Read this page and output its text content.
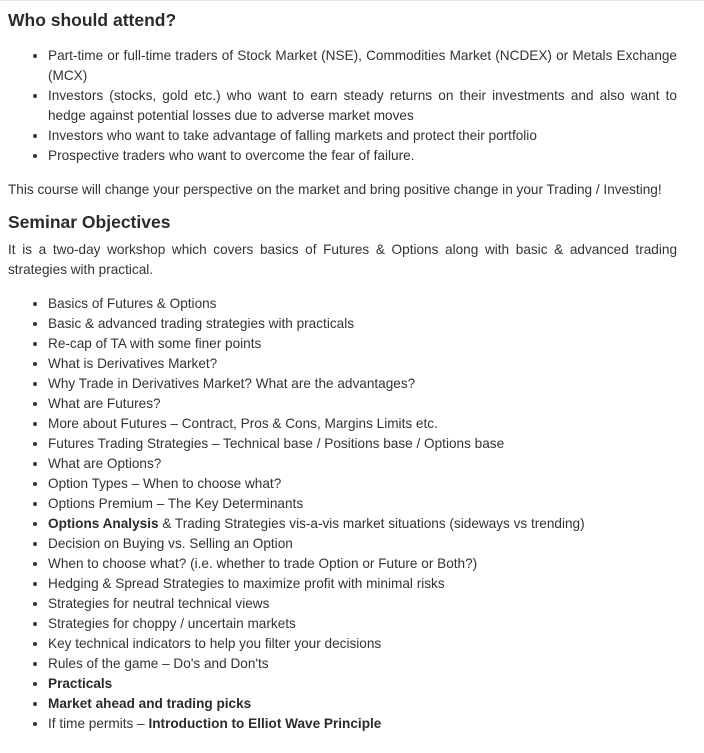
Who should attend?
• Part-time or full-time traders of Stock Market (NSE), Commodities Market (NCDEX) or Metals Exchange (MCX)
• Investors (stocks, gold etc.) who want to earn steady returns on their investments and also want to hedge against potential losses due to adverse market moves
• Investors who want to take advantage of falling markets and protect their portfolio
• Prospective traders who want to overcome the fear of failure.

This course will change your perspective on the market and bring positive change in your Trading / Investing!

Seminar Objectives

It is a two-day workshop which covers basics of Futures & Options along with basic & advanced trading strategies with practical.

• Basics of Futures & Options
• Basic & advanced trading strategies with practicals
• Re-cap of TA with some finer points
• What is Derivatives Market?
• Why Trade in Derivatives Market? What are the advantages?
• What are Futures?
• More about Futures – Contract, Pros & Cons, Margins Limits etc.
• Futures Trading Strategies – Technical base / Positions base / Options base
• What are Options?
• Option Types – When to choose what?
• Options Premium – The Key Determinants
• Options Analysis & Trading Strategies vis-a-vis market situations (sideways vs trending)
• Decision on Buying vs. Selling an Option
• When to choose what? (i.e. whether to trade Option or Future or Both?)
• Hedging & Spread Strategies to maximize profit with minimal risks
• Strategies for neutral technical views
• Strategies for choppy / uncertain markets
• Key technical indicators to help you filter your decisions
• Rules of the game – Do's and Don'ts
• Practicals
• Market ahead and trading picks
• If time permits – Introduction to Elliot Wave Principle
